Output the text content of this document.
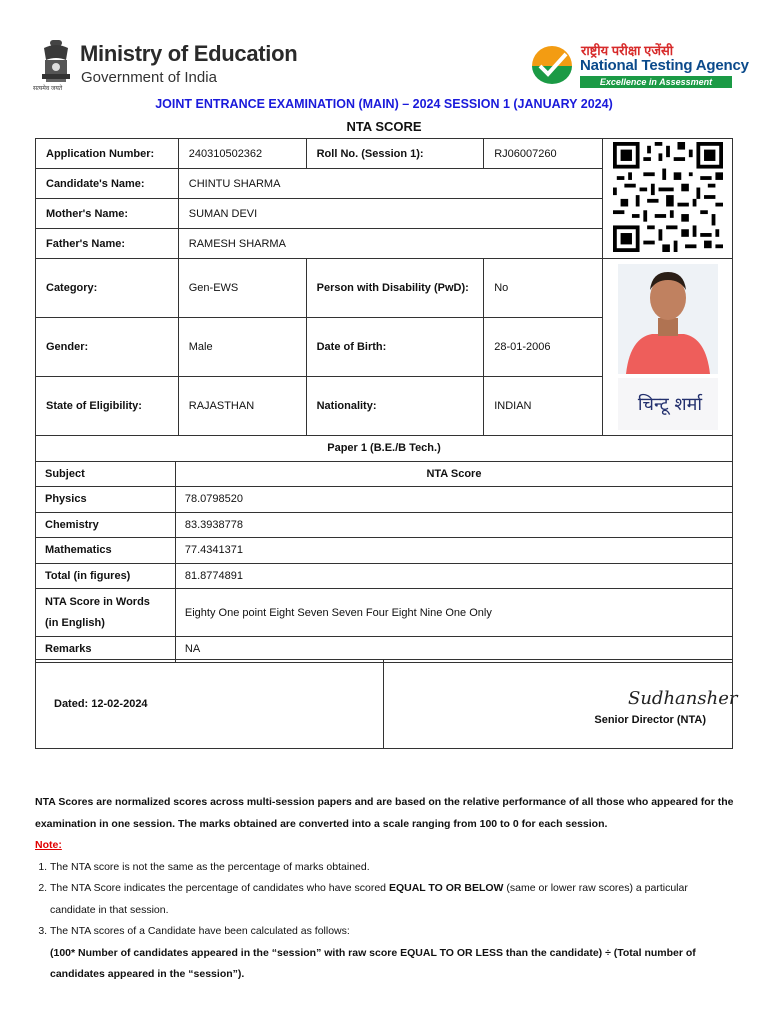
सत्यमेव जयते
Ministry of Education
Government of India
राष्ट्रीय परीक्षा एजेंसी
National Testing Agency
Excellence in Assessment
JOINT ENTRANCE EXAMINATION (MAIN) – 2024 SESSION 1 (JANUARY 2024)
NTA SCORE
Application Number:	240310502362	Roll No. (Session 1):	RJ06007260	
Candidate's Name:	CHINTU SHARMA			
Mother's Name:	SUMAN DEVI			
Father's Name:	RAMESH SHARMA			
Category:	Gen-EWS	Person with Disability (PwD):	No	चिन्टू शर्मा

Gender:	Male	Date of Birth:	28-01-2006	
State of Eligibility:	RAJASTHAN	Nationality:	INDIAN	
Paper 1 (B.E./B Tech.)	
Subject	NTA Score
Physics	78.0798520
Chemistry	83.3938778
Mathematics	77.4341371
Total (in figures)	81.8774891
NTA Score in Words (in English)	Eighty One point Eight Seven Seven Four Eight Nine One Only
Remarks	NA
Dated: 12-02-2024	Sudhansher
Senior Director (NTA)

NTA Scores are normalized scores across multi-session papers and are based on the relative performance of all those who appeared for the examination in one session. The marks obtained are converted into a scale ranging from 100 to 0 for each session.

Note:

1. The NTA score is not the same as the percentage of marks obtained.
2. The NTA Score indicates the percentage of candidates who have scored EQUAL TO OR BELOW (same or lower raw scores) a particular candidate in that session.
3. The NTA scores of a Candidate have been calculated as follows:
(100* Number of candidates appeared in the “session” with raw score EQUAL TO OR LESS than the candidate) ÷ (Total number of candidates appeared in the “session”).
